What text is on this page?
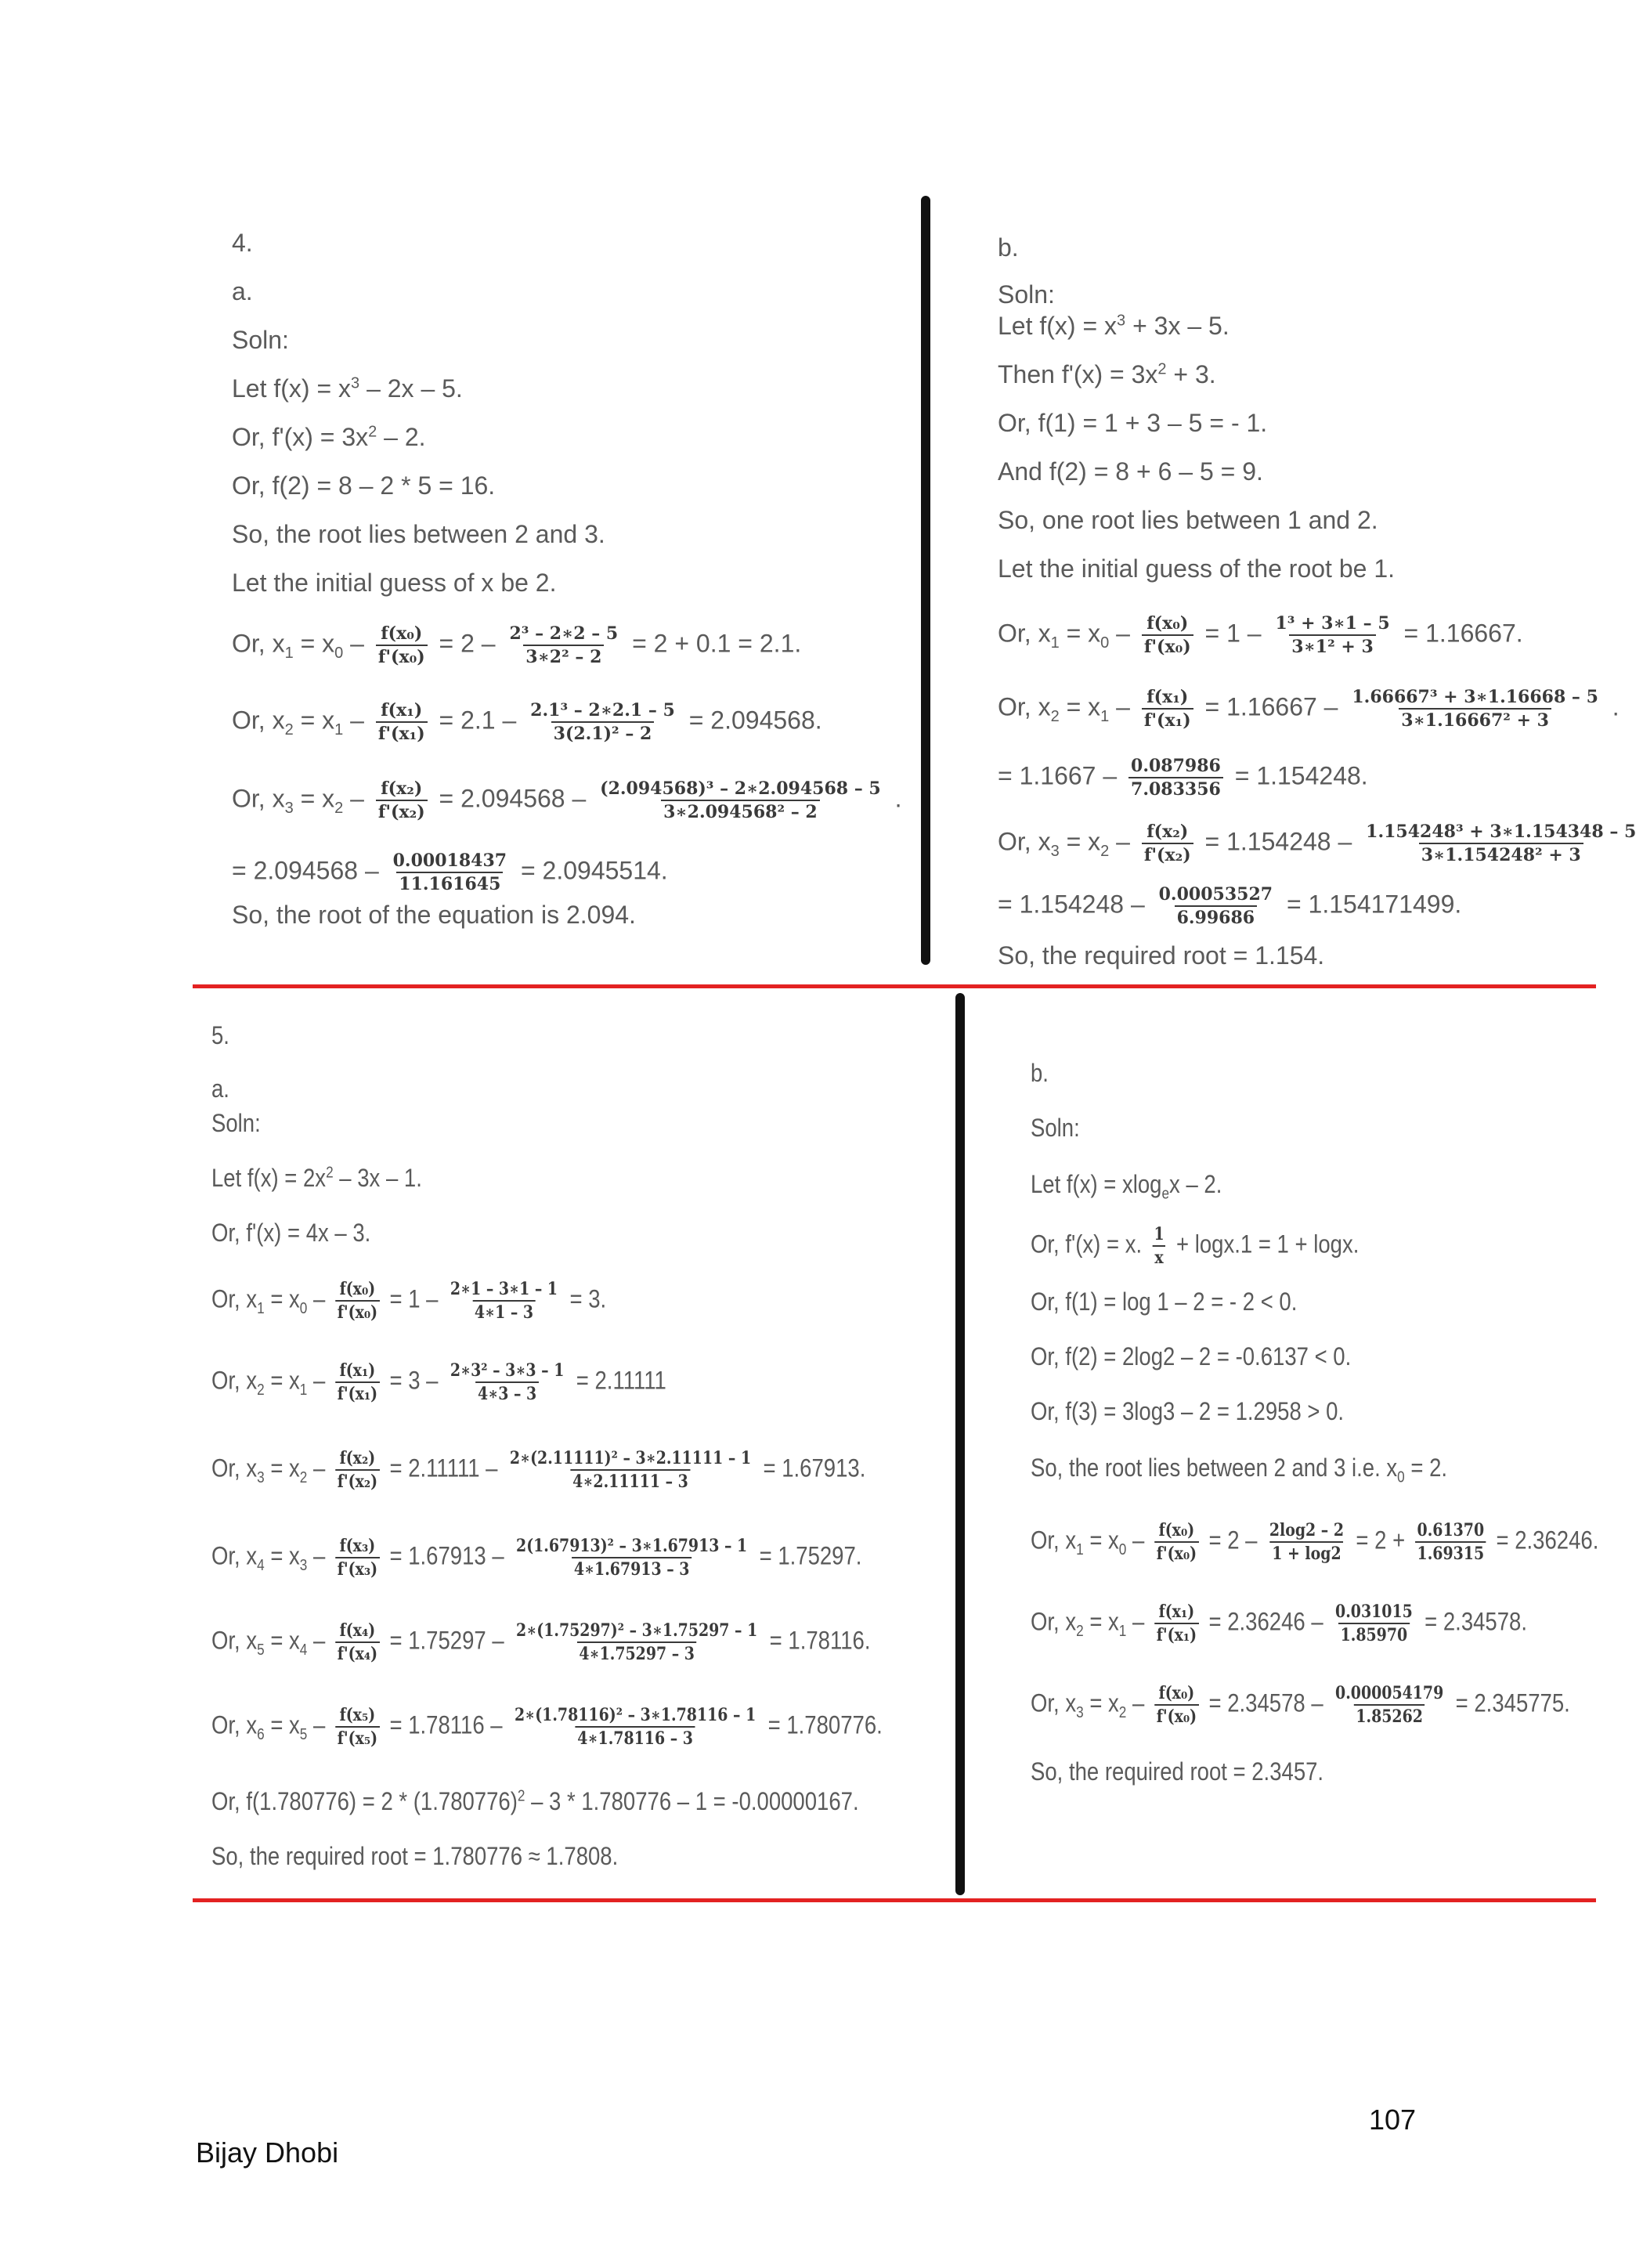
4.
a.
Soln:
Let $f(x) = x^3 - 2x - 5$.
Or, $f'(x) = 3x^2 - 2$.
Or, f(2) = 8 – 2 * 5 = 16.
So, the root lies between 2 and 3.
Let the initial guess of x be 2.
Or, $x_1 = x_0 - \frac{\text{f(x₀)}}{\text{f'(x₀)}} = 2 - \frac{\text{2³ – 2∗2 – 5}}{\text{3∗2² – 2}} = 2 + 0.1 = 2.1$.
Or, $x_2 = x_1 - \frac{\text{f(x₁)}}{\text{f'(x₁)}} = 2.1 - \frac{\text{2.1³ – 2∗2.1 – 5}}{\text{3(2.1)² – 2}} = 2.094568$.
Or, $x_3 = x_2 - \frac{\text{f(x₂)}}{\text{f'(x₂)}} = 2.094568 - \frac{\text{(2.094568)³ – 2∗2.094568 – 5}}{\text{3∗2.094568² – 2}}$ .
= $2.094568 - \frac{0.00018437}{11.161645} = 2.0945514$.
So, the root of the equation is 2.094.
b.
Soln:
Let $f(x) = x^3 + 3x - 5$.
Then $f'(x) = 3x^2 + 3$.
Or, f(1) = 1 + 3 – 5 = - 1.
And f(2) = 8 + 6 – 5 = 9.
So, one root lies between 1 and 2.
Let the initial guess of the root be 1.
Or, $x_1 = x_0 - \frac{\text{f(x₀)}}{\text{f'(x₀)}} = 1 - \frac{\text{1³ + 3∗1 – 5}}{\text{3∗1² + 3}} = 1.16667$.
Or, $x_2 = x_1 - \frac{\text{f(x₁)}}{\text{f'(x₁)}} = 1.16667 - \frac{\text{1.66667³ + 3∗1.16668 – 5}}{\text{3∗1.16667² + 3}}$ .
= $1.1667 - \frac{0.087986}{7.083356} = 1.154248$.
Or, $x_3 = x_2 - \frac{\text{f(x₂)}}{\text{f'(x₂)}} = 1.154248 - \frac{\text{1.154248³ + 3∗1.154348 – 5}}{\text{3∗1.154248² + 3}}$
= $1.154248 - \frac{0.00053527}{6.99686} = 1.154171499$.
So, the required root = 1.154.
5.
a.
Soln:
Let $f(x) = 2x^2 - 3x - 1$.
Or, f'(x) = 4x – 3.
Or, $x_1 = x_0 - \frac{\text{f(x₀)}}{\text{f'(x₀)}} = 1 - \frac{2∗1 - 3∗1 - 1}{4∗1 - 3} = 3$.
Or, $x_2 = x_1 - \frac{\text{f(x₁)}}{\text{f'(x₁)}} = 3 - \frac{\text{2∗3² – 3∗3 – 1}}{4∗3 - 3} = 2.11111$
Or, $x_3 = x_2 - \frac{\text{f(x₂)}}{\text{f'(x₂)}} = 2.11111 - \frac{\text{2∗(2.11111)² – 3∗2.11111 – 1}}{4∗2.11111 - 3} = 1.67913$.
Or, $x_4 = x_3 - \frac{\text{f(x₃)}}{\text{f'(x₃)}} = 1.67913 - \frac{\text{2(1.67913)² – 3∗1.67913 – 1}}{4∗1.67913 - 3} = 1.75297$.
Or, $x_5 = x_4 - \frac{\text{f(x₄)}}{\text{f'(x₄)}} = 1.75297 - \frac{\text{2∗(1.75297)² – 3∗1.75297 – 1}}{4∗1.75297 - 3} = 1.78116$.
Or, $x_6 = x_5 - \frac{\text{f(x₅)}}{\text{f'(x₅)}} = 1.78116 - \frac{\text{2∗(1.78116)² – 3∗1.78116 – 1}}{4∗1.78116 - 3} = 1.780776$.
Or, $f(1.780776) = 2 * (1.780776)^2 - 3 * 1.780776 - 1 = -0.00000167$.
So, the required root = 1.780776 ≈ 1.7808.
b.
Soln:
Let f(x) = xlog$_e$x – 2.
Or, f'(x) = x. $\frac{1}{x} + \log x.1 = 1 + \log x$.
Or, f(1) = log 1 – 2 = - 2 < 0.
Or, f(2) = 2log2 – 2 = -0.6137 < 0.
Or, f(3) = 3log3 – 2 = 1.2958 > 0.
So, the root lies between 2 and 3 i.e. $x_0 = 2$.
Or, $x_1 = x_0 - \frac{\text{f(x₀)}}{\text{f'(x₀)}} = 2 - \frac{2\log 2 - 2}{1 + \log 2} = 2 + \frac{0.61370}{1.69315} = 2.36246$.
Or, $x_2 = x_1 - \frac{\text{f(x₁)}}{\text{f'(x₁)}} = 2.36246 - \frac{0.031015}{1.85970} = 2.34578$.
Or, $x_3 = x_2 - \frac{\text{f(x₀)}}{\text{f'(x₀)}} = 2.34578 - \frac{0.000054179}{1.85262} = 2.345775$.
So, the required root = 2.3457.
107
Bijay Dhobi
